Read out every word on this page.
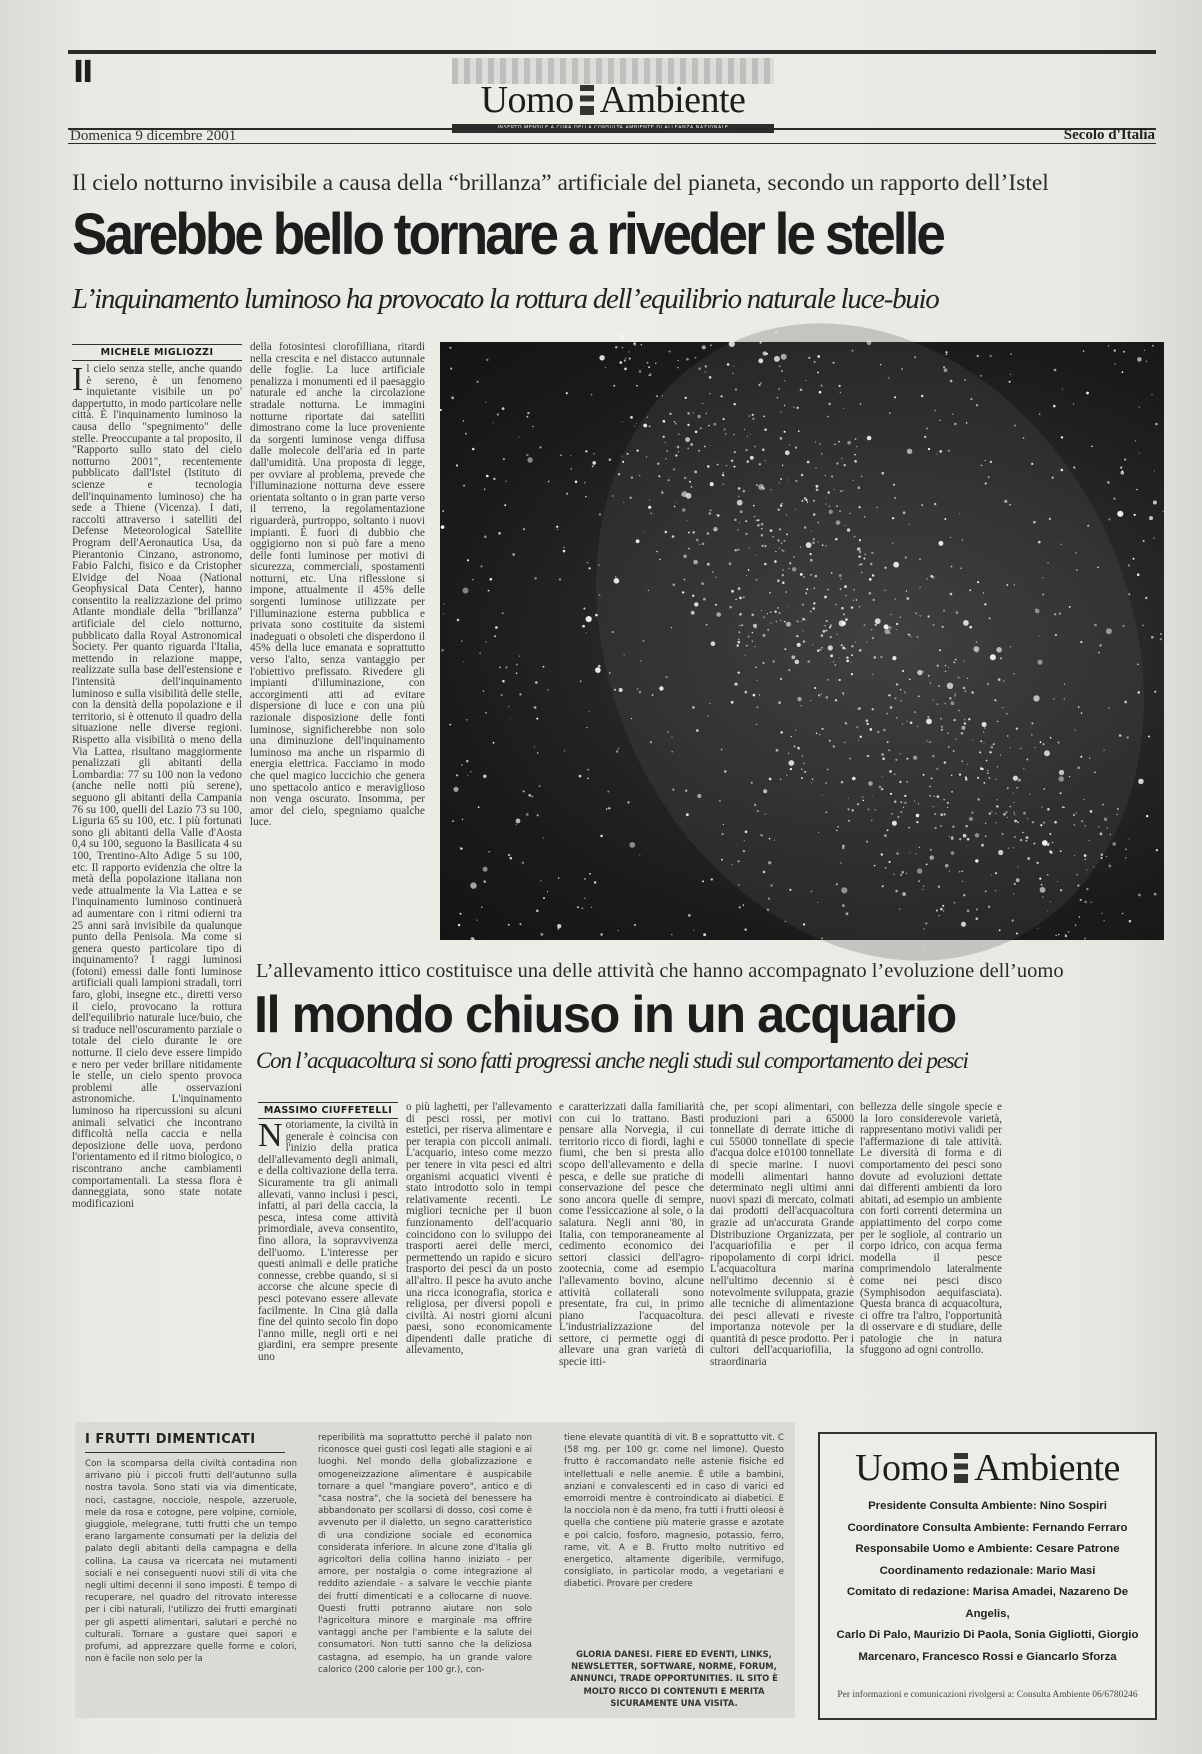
II
Uomo Ambiente
Domenica 9 dicembre 2001	Secolo d'Italia
Il cielo notturno invisibile a causa della “brillanza” artificiale del pianeta, secondo un rapporto dell’Istel
Sarebbe bello tornare a riveder le stelle
L’inquinamento luminoso ha provocato la rottura dell’equilibrio naturale luce-buio
MICHELE MIGLIOZZI
Il cielo senza stelle, anche quando è sereno, è un fenomeno inquietante visibile un po' dappertutto, in modo particolare nelle città. È l'inquinamento luminoso la causa dello "spegnimento" delle stelle. Preoccupante a tal proposito, il "Rapporto sullo stato del cielo notturno 2001", recentemente pubblicato dall'Istel (Istituto di scienze e tecnologia dell'inquinamento luminoso) che ha sede a Thiene (Vicenza). I dati, raccolti attraverso i satelliti del Defense Meteorological Satellite Program dell'Aeronautica Usa, da Pierantonio Cinzano, astronomo, Fabio Falchi, fisico e da Cristopher Elvidge del Noaa (National Geophysical Data Center), hanno consentito la realizzazione del primo Atlante mondiale della "brillanza" artificiale del cielo notturno, pubblicato dalla Royal Astronomical Society. Per quanto riguarda l'Italia, mettendo in relazione mappe, realizzate sulla base dell'estensione e l'intensità dell'inquinamento luminoso e sulla visibilità delle stelle, con la densità della popolazione e il territorio, si è ottenuto il quadro della situazione nelle diverse regioni. Rispetto alla visibilità o meno della Via Lattea, risultano maggiormente penalizzati gli abitanti della Lombardia: 77 su 100 non la vedono (anche nelle notti più serene), seguono gli abitanti della Campania 76 su 100, quelli del Lazio 73 su 100, Liguria 65 su 100, etc. I più fortunati sono gli abitanti della Valle d'Aosta 0,4 su 100, seguono la Basilicata 4 su 100, Trentino-Alto Adige 5 su 100, etc. Il rapporto evidenzia che oltre la metà della popolazione italiana non vede attualmente la Via Lattea e se l'inquinamento luminoso continuerà ad aumentare con i ritmi odierni tra 25 anni sarà invisibile da qualunque punto della Penisola. Ma come si genera questo particolare tipo di inquinamento? I raggi luminosi (fotoni) emessi dalle fonti luminose artificiali quali lampioni stradali, torri faro, globi, insegne etc., diretti verso il cielo, provocano la rottura dell'equilibrio naturale luce/buio, che si traduce nell'oscuramento parziale o totale del cielo durante le ore notturne. Il cielo deve essere limpido e nero per veder brillare nitidamente le stelle, un cielo spento provoca problemi alle osservazioni astronomiche. L'inquinamento luminoso ha ripercussioni su alcuni animali selvatici che incontrano difficoltà nella caccia e nella deposizione delle uova, perdono l'orientamento ed il ritmo biologico, o riscontrano anche cambiamenti comportamentali. La stessa flora è danneggiata, sono state notate modificazioni
della fotosintesi clorofilliana, ritardi nella crescita e nel distacco autunnale delle foglie. La luce artificiale penalizza i monumenti ed il paesaggio naturale ed anche la circolazione stradale notturna. Le immagini notturne riportate dai satelliti dimostrano come la luce proveniente da sorgenti luminose venga diffusa dalle molecole dell'aria ed in parte dall'umidità. Una proposta di legge, per ovviare al problema, prevede che l'illuminazione notturna deve essere orientata soltanto o in gran parte verso il terreno, la regolamentazione riguarderà, purtroppo, soltanto i nuovi impianti. È fuori di dubbio che oggigiorno non si può fare a meno delle fonti luminose per motivi di sicurezza, commerciali, spostamenti notturni, etc. Una riflessione si impone, attualmente il 45% delle sorgenti luminose utilizzate per l'illuminazione esterna pubblica e privata sono costituite da sistemi inadeguati o obsoleti che disperdono il 45% della luce emanata e soprattutto verso l'alto, senza vantaggio per l'obiettivo prefissato. Rivedere gli impianti d'illuminazione, con accorgimenti atti ad evitare dispersione di luce e con una più razionale disposizione delle fonti luminose, significherebbe non solo una diminuzione dell'inquinamento luminoso ma anche un risparmio di energia elettrica. Facciamo in modo che quel magico luccichio che genera uno spettacolo antico e meraviglioso non venga oscurato. Insomma, per amor del cielo, spegniamo qualche luce.
L’allevamento ittico costituisce una delle attività che hanno accompagnato l’evoluzione dell’uomo
Il mondo chiuso in un acquario
Con l’acquacoltura si sono fatti progressi anche negli studi sul comportamento dei pesci
MASSIMO CIUFFETELLI
Notoriamente, la civiltà in generale è coincisa con l'inizio della pratica dell'allevamento degli animali, e della coltivazione della terra. Sicuramente tra gli animali allevati, vanno inclusi i pesci, infatti, al pari della caccia, la pesca, intesa come attività primordiale, aveva consentito, fino allora, la sopravvivenza dell'uomo. L'interesse per questi animali e delle pratiche connesse, crebbe quando, si si accorse che alcune specie di pesci potevano essere allevate facilmente. In Cina già dalla fine del quinto secolo fin dopo l'anno mille, negli orti e nei giardini, era sempre presente uno
o più laghetti, per l'allevamento di pesci rossi, per motivi estetici, per riserva alimentare e per terapia con piccoli animali. L'acquario, inteso come mezzo per tenere in vita pesci ed altri organismi acquatici viventi è stato introdotto solo in tempi relativamente recenti. Le migliori tecniche per il buon funzionamento dell'acquario coincidono con lo sviluppo dei trasporti aerei delle merci, permettendo un rapido e sicuro trasporto dei pesci da un posto all'altro. Il pesce ha avuto anche una ricca iconografia, storica e religiosa, per diversi popoli e civiltà. Ai nostri giorni alcuni paesi, sono economicamente dipendenti dalle pratiche di allevamento,
e caratterizzati dalla familiarità con cui lo trattano. Basti pensare alla Norvegia, il cui territorio ricco di fiordi, laghi e fiumi, che ben si presta allo scopo dell'allevamento e della pesca, e delle sue pratiche di conservazione del pesce che sono ancora quelle di sempre, come l'essiccazione al sole, o la salatura. Negli anni '80, in Italia, con temporaneamente al cedimento economico dei settori classici dell'agro-zootecnia, come ad esempio l'allevamento bovino, alcune attività collaterali sono presentate, fra cui, in primo piano l'acquacoltura. L'industrializzazione del settore, ci permette oggi di allevare una gran varietà di specie itti-
che, per scopi alimentari, con produzioni pari a 65000 tonnellate di derrate ittiche di cui 55000 tonnellate di specie d'acqua dolce e10100 tonnellate di specie marine. I nuovi modelli alimentari hanno determinato negli ultimi anni nuovi spazi di mercato, colmati dai prodotti dell'acquacoltura grazie ad un'accurata Grande Distribuzione Organizzata, per l'acquariofilia e per il ripopolamento di corpi idrici. L'acquacoltura marina nell'ultimo decennio si è notevolmente sviluppata, grazie alle tecniche di alimentazione dei pesci allevati e riveste importanza notevole per la quantità di pesce prodotto. Per i cultori dell'acquariofilia, la straordinaria
bellezza delle singole specie e la loro considerevole varietà, rappresentano motivi validi per l'affermazione di tale attività. Le diversità di forma e di comportamento dei pesci sono dovute ad evoluzioni dettate dai differenti ambienti da loro abitati, ad esempio un ambiente con forti correnti determina un appiattimento del corpo come per le sogliole, al contrario un corpo idrico, con acqua ferma modella il pesce comprimendolo lateralmente come nei pesci disco (Symphisodon aequifasciata). Questa branca di acquacoltura, ci offre tra l'altro, l'opportunità di osservare e di studiare, delle patologie che in natura sfuggono ad ogni controllo.
I FRUTTI DIMENTICATI
Con la scomparsa della civiltà contadina non arrivano più i piccoli frutti dell'autunno sulla nostra tavola. Sono stati via via dimenticate, noci, castagne, nocciole, nespole, azzeruole, mele da rosa e cotogne, pere volpine, corniole, giuggiole, melegrane, tutti frutti che un tempo erano largamente consumati per la delizia del palato degli abitanti della campagna e della collina. La causa va ricercata nei mutamenti sociali e nei conseguenti nuovi stili di vita che negli ultimi decenni il sono imposti. È tempo di recuperare, nel quadro del ritrovato interesse per i cibi naturali, l'utilizzo dei frutti emarginati per gli aspetti alimentari, salutari e perché no culturali. Tornare a gustare quei sapori e profumi, ad apprezzare quelle forme e colori, non è facile non solo per la
reperibilità ma soprattutto perché il palato non riconosce quei gusti così legati alle stagioni e ai luoghi. Nel mondo della globalizzazione e omogeneizzazione alimentare è auspicabile tornare a quel "mangiare povero", antico e di "casa nostra", che la società del benessere ha abbandonato per scollarsi di dosso, così come è avvenuto per il dialetto, un segno caratteristico di una condizione sociale ed economica considerata inferiore. In alcune zone d'Italia gli agricoltori della collina hanno iniziato - per amore, per nostalgia o come integrazione al reddito aziendale - a salvare le vecchie piante dei frutti dimenticati e a collocarne di nuove. Questi frutti potranno aiutare non solo l'agricoltura minore e marginale ma offrire vantaggi anche per l'ambiente e la salute dei consumatori. Non tutti sanno che la deliziosa castagna, ad esempio, ha un grande valore calorico (200 calorie per 100 gr.), con-
tiene elevate quantità di vit. B e soprattutto vit. C (58 mg. per 100 gr. come nel limone). Questo frutto è raccomandato nelle astenie fisiche ed intellettuali e nelle anemie. È utile a bambini, anziani e convalescenti ed in caso di varici ed emorroidi mentre è controindicato ai diabetici. E la nocciola non è da meno, fra tutti i frutti oleosi è quella che contiene più materie grasse e azotate e poi calcio, fosforo, magnesio, potassio, ferro, rame, vit. A e B. Frutto molto nutritivo ed energetico, altamente digeribile, vermifugo, consigliato, in particolar modo, a vegetariani e diabetici. Provare per credere
GLORIA DANESI. FIERE ED EVENTI, LINKS, NEWSLETTER, SOFTWARE, NORME, FORUM, ANNUNCI, TRADE OPPORTUNITIES. IL SITO È MOLTO RICCO DI CONTENUTI E MERITA SICURAMENTE UNA VISITA.
Uomo Ambiente
Presidente Consulta Ambiente: Nino Sospiri
Coordinatore Consulta Ambiente: Fernando Ferraro
Responsabile Uomo e Ambiente: Cesare Patrone
Coordinamento redazionale: Mario Masi
Comitato di redazione: Marisa Amadei, Nazareno De Angelis,
Carlo Di Palo, Maurizio Di Paola, Sonia Gigliotti, Giorgio
Marcenaro, Francesco Rossi e Giancarlo Sforza
Per informazioni e comunicazioni rivolgersi a: Consulta Ambiente 06/6780246
